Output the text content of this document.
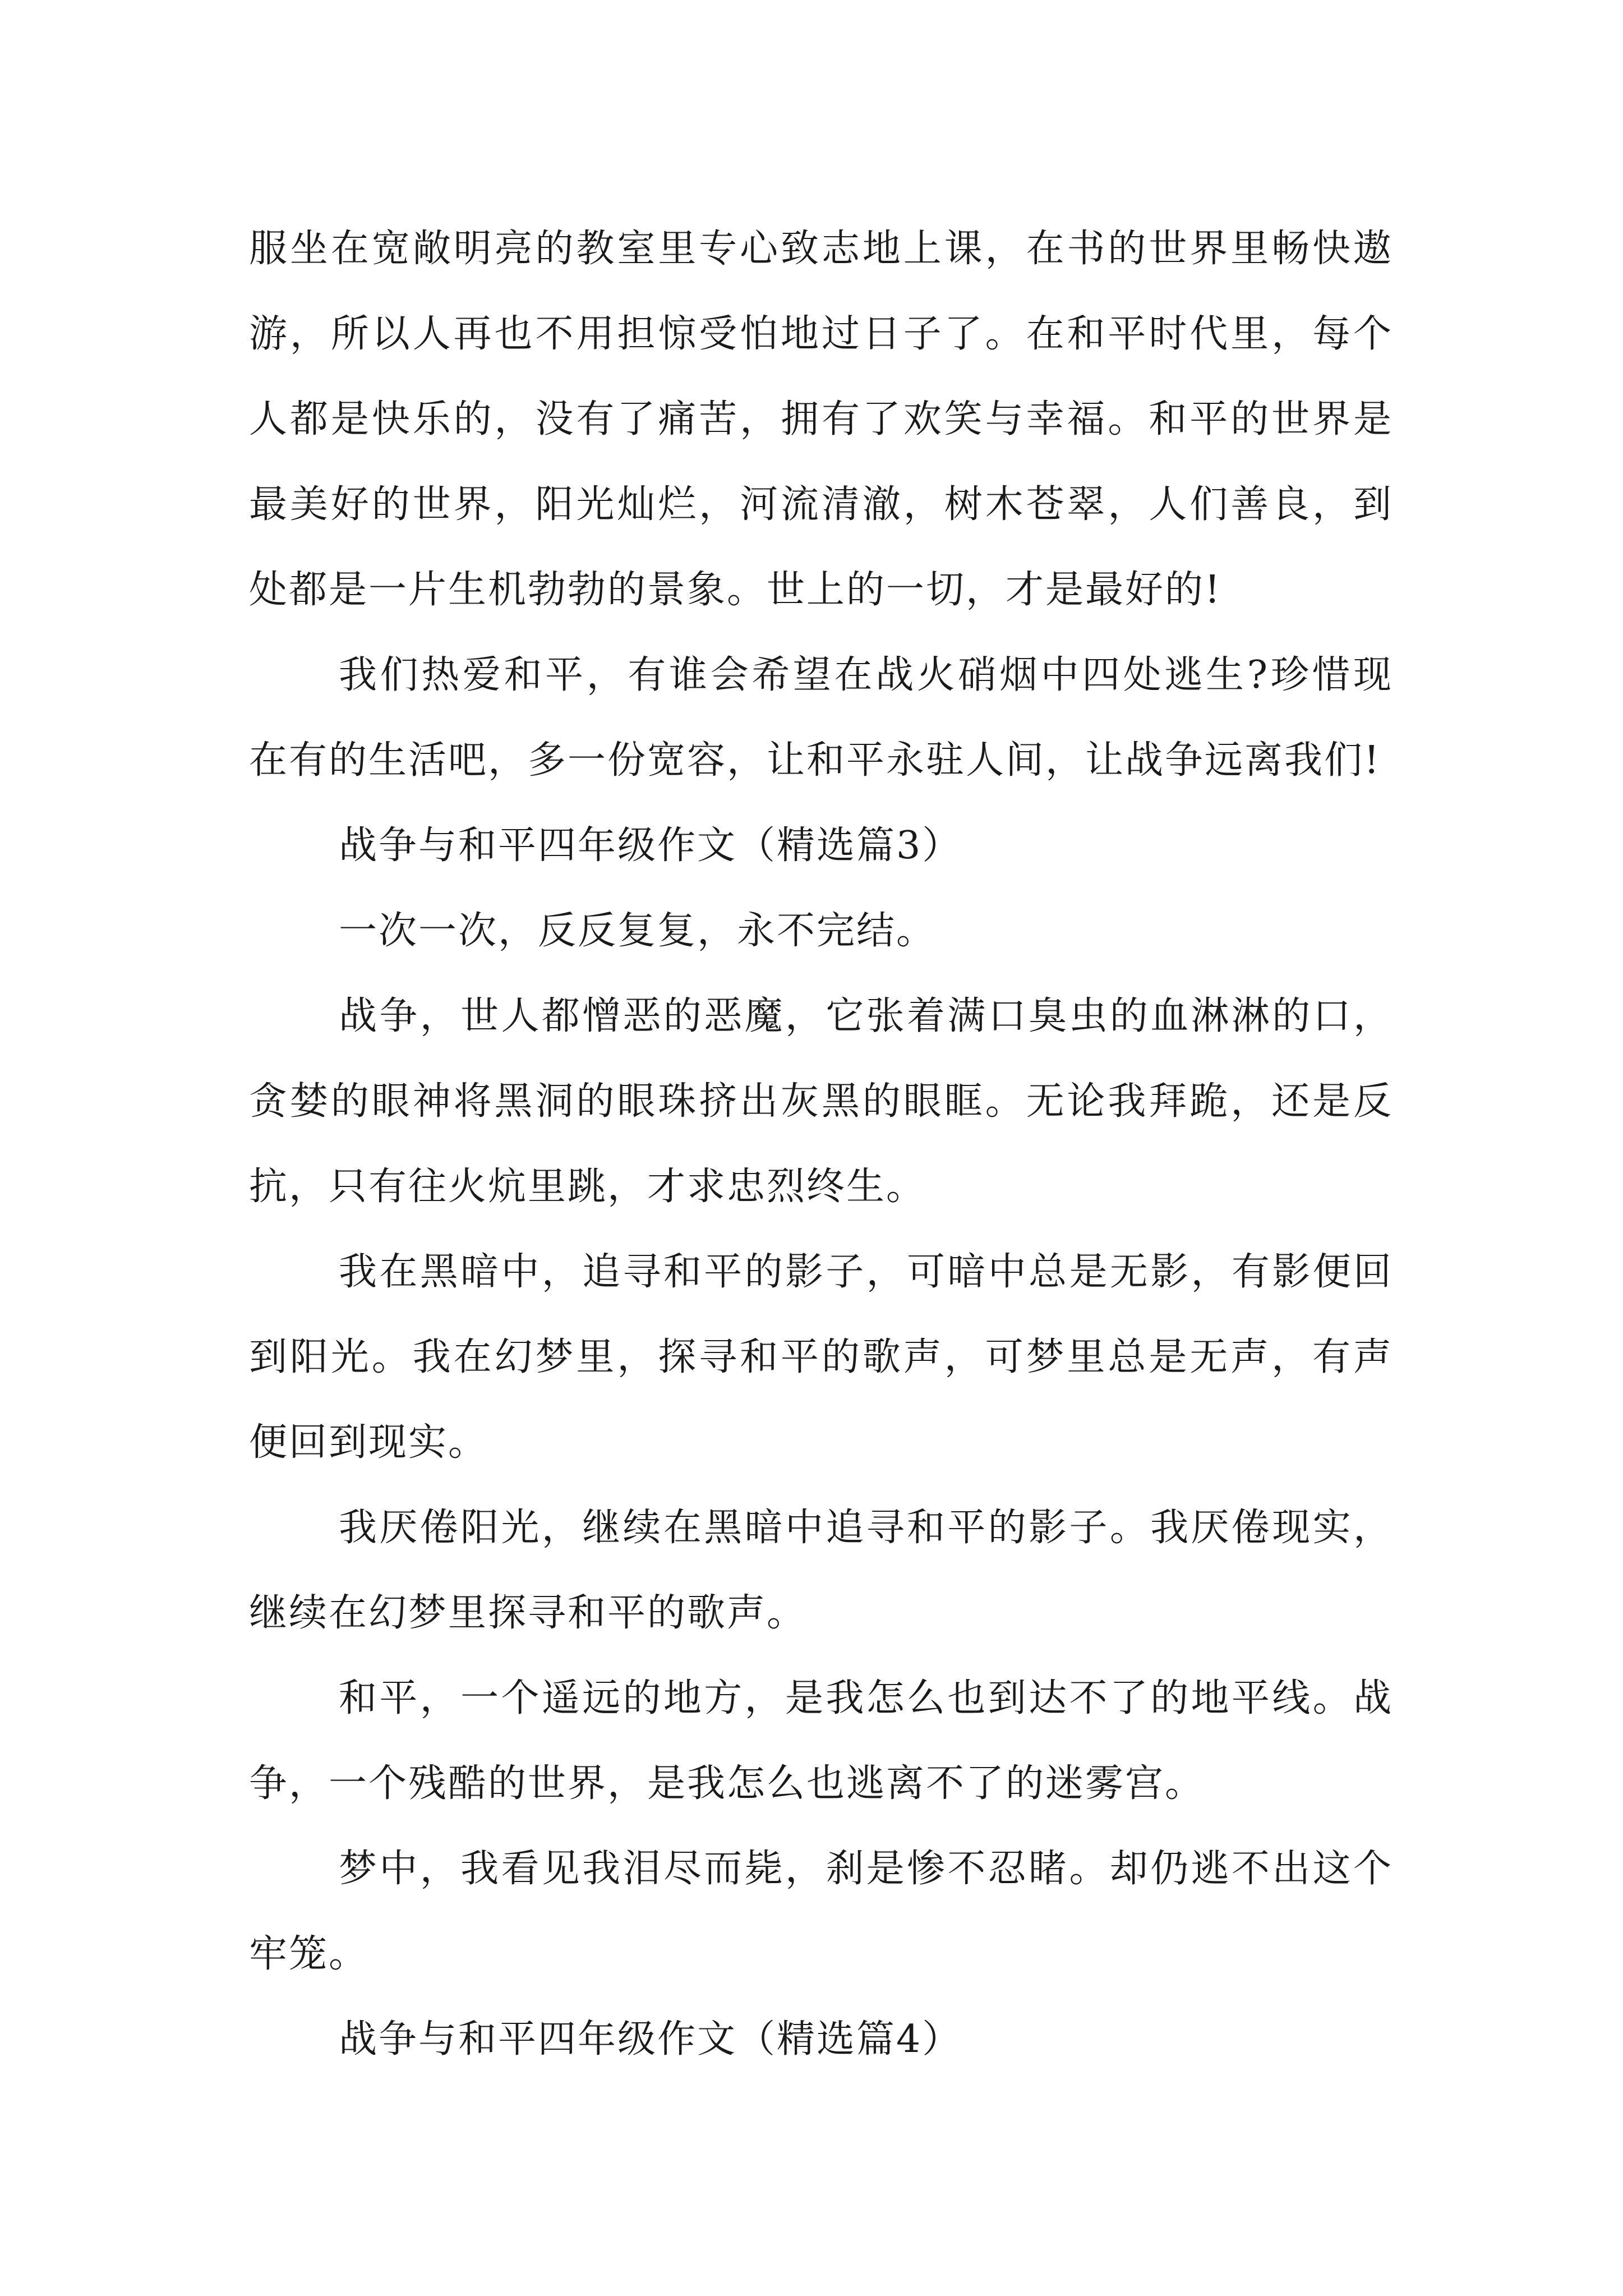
服坐在宽敞明亮的教室里专心致志地上课，在书的世界里畅快遨游，所以人再也不用担惊受怕地过日子了。在和平时代里，每个人都是快乐的，没有了痛苦，拥有了欢笑与幸福。和平的世界是最美好的世界，阳光灿烂，河流清澈，树木苍翠，人们善良，到处都是一片生机勃勃的景象。世上的一切，才是最好的!

我们热爱和平，有谁会希望在战火硝烟中四处逃生?珍惜现在有的生活吧，多一份宽容，让和平永驻人间，让战争远离我们!

战争与和平四年级作文（精选篇3）

一次一次，反反复复，永不完结。

战争，世人都憎恶的恶魔，它张着满口臭虫的血淋淋的口，贪婪的眼神将黑洞的眼珠挤出灰黑的眼眶。无论我拜跪，还是反抗，只有往火炕里跳，才求忠烈终生。

我在黑暗中，追寻和平的影子，可暗中总是无影，有影便回到阳光。我在幻梦里，探寻和平的歌声，可梦里总是无声，有声便回到现实。

我厌倦阳光，继续在黑暗中追寻和平的影子。我厌倦现实，继续在幻梦里探寻和平的歌声。

和平，一个遥远的地方，是我怎么也到达不了的地平线。战争，一个残酷的世界，是我怎么也逃离不了的迷雾宫。

梦中，我看见我泪尽而毙，刹是惨不忍睹。却仍逃不出这个牢笼。

战争与和平四年级作文（精选篇4）
